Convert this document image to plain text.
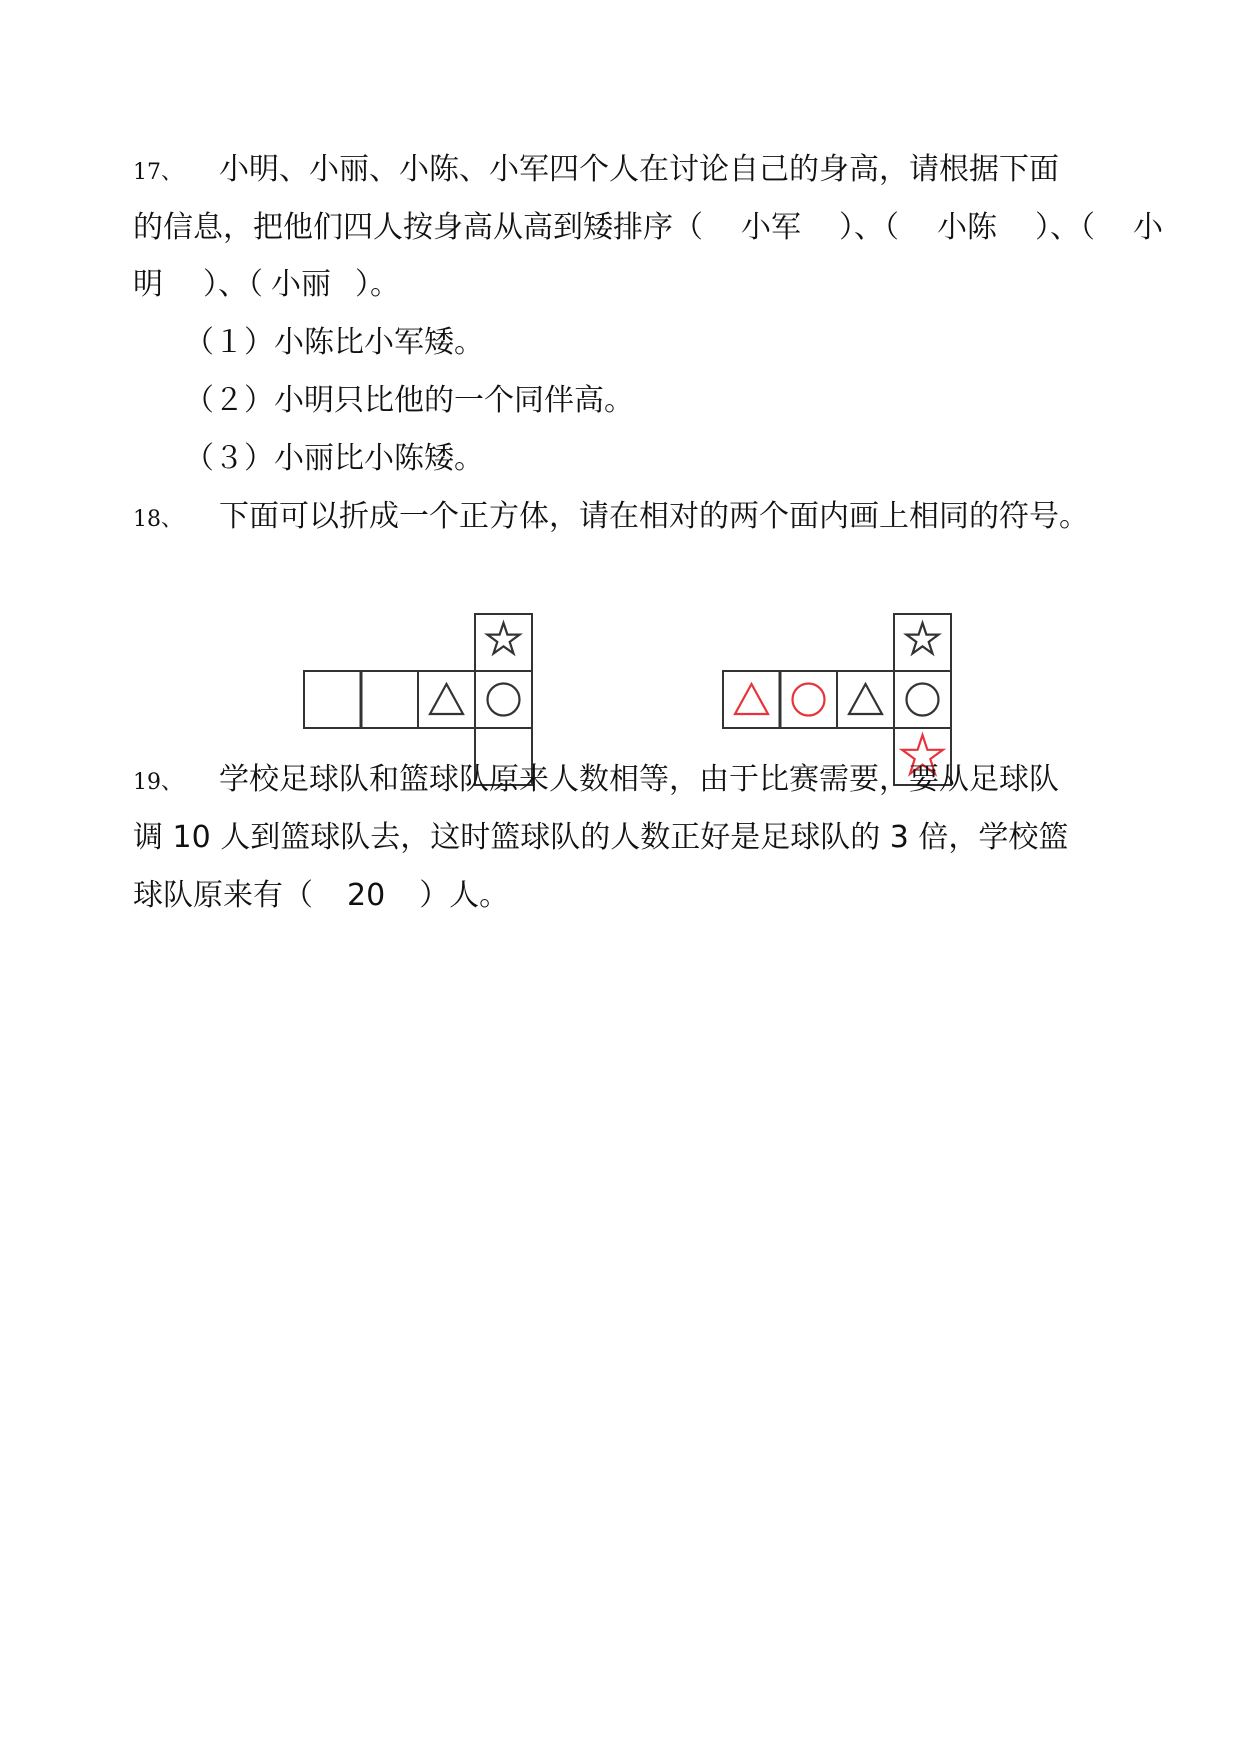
17、 小明、小丽、小陈、小军四个人在讨论自己的身高，请根据下面
的信息，把他们四人按身高从高到矮排序（ 小军 ）、（ 小陈 ）、（ 小
明 ）、（ 小丽 ）。
（１）小陈比小军矮。
（２）小明只比他的一个同伴高。
（３）小丽比小陈矮。
18、 下面可以折成一个正方体，请在相对的两个面内画上相同的符号。
19、 学校足球队和篮球队原来人数相等，由于比赛需要，要从足球队
调 10 人到篮球队去，这时篮球队的人数正好是足球队的 3 倍，学校篮
球队原来有（ 20 ）人。
